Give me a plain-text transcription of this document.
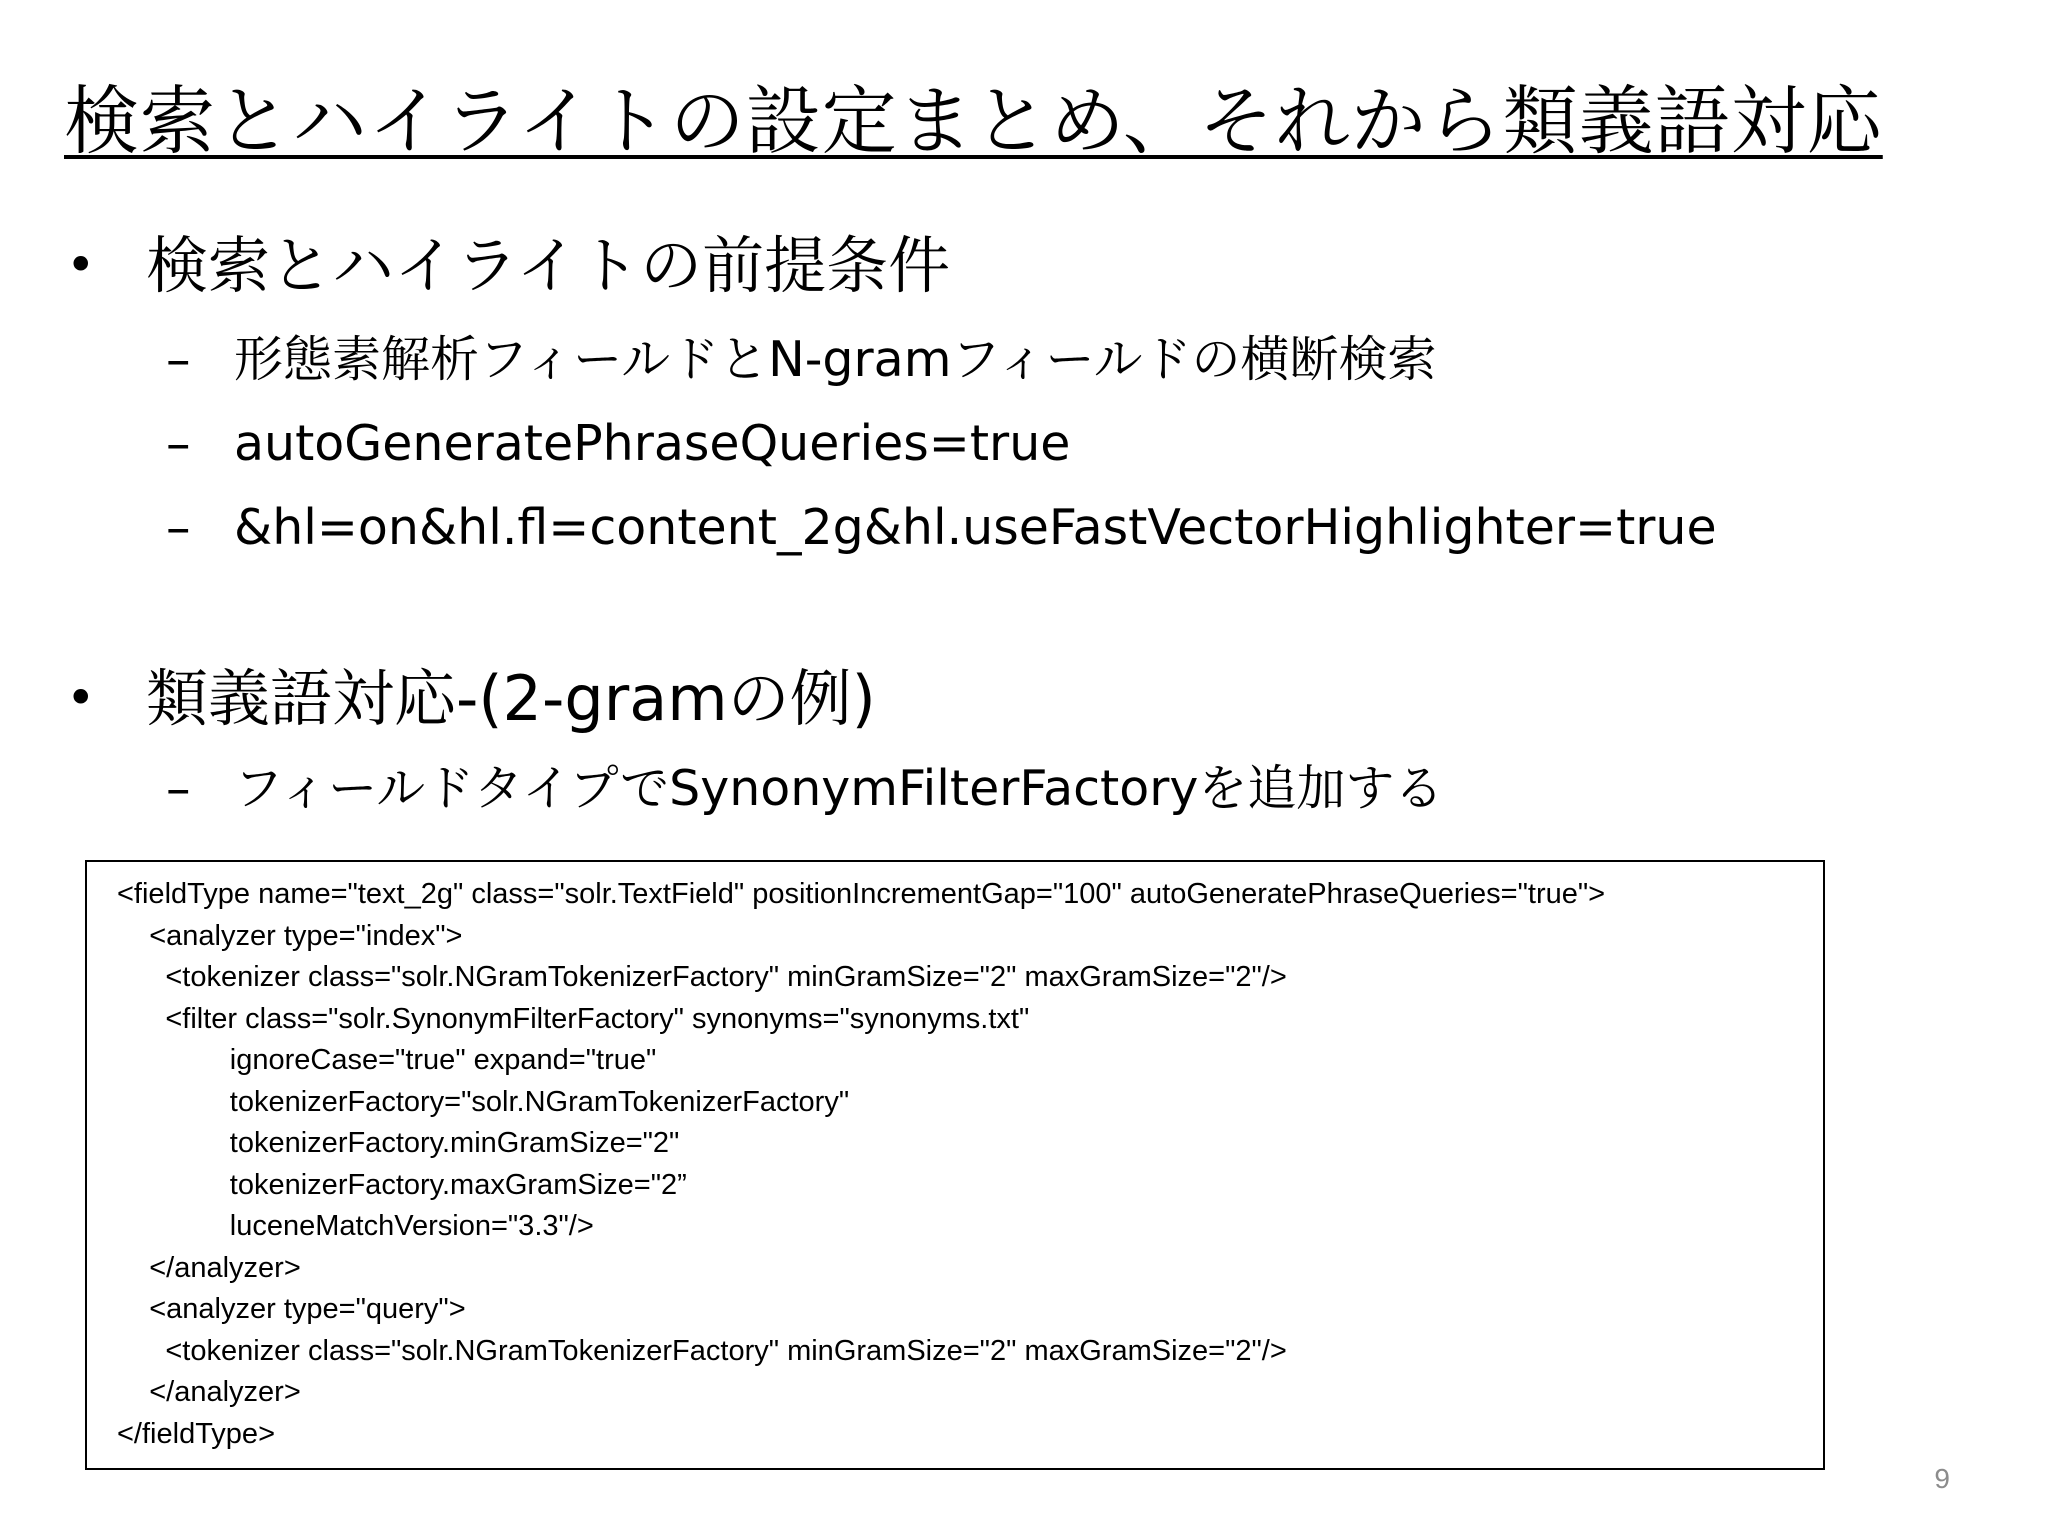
検索とハイライトの設定まとめ、それから類義語対応
• 検索とハイライトの前提条件
– 形態素解析フィールドとN-gramフィールドの横断検索
– autoGeneratePhraseQueries=true
– &hl=on&hl.fl=content_2g&hl.useFastVectorHighlighter=true
• 類義語対応-(2-gramの例)
– フィールドタイプでSynonymFilterFactoryを追加する
<fieldType name="text_2g" class="solr.TextField" positionIncrementGap="100" autoGeneratePhraseQueries="true">
<analyzer type="index">
<tokenizer class="solr.NGramTokenizerFactory" minGramSize="2" maxGramSize="2"/>
<filter class="solr.SynonymFilterFactory" synonyms="synonyms.txt"
ignoreCase="true" expand="true"
tokenizerFactory="solr.NGramTokenizerFactory"
tokenizerFactory.minGramSize="2"
tokenizerFactory.maxGramSize="2”
luceneMatchVersion="3.3"/>
</analyzer>
<analyzer type="query">
<tokenizer class="solr.NGramTokenizerFactory" minGramSize="2" maxGramSize="2"/>
</analyzer>
</fieldType>
9
